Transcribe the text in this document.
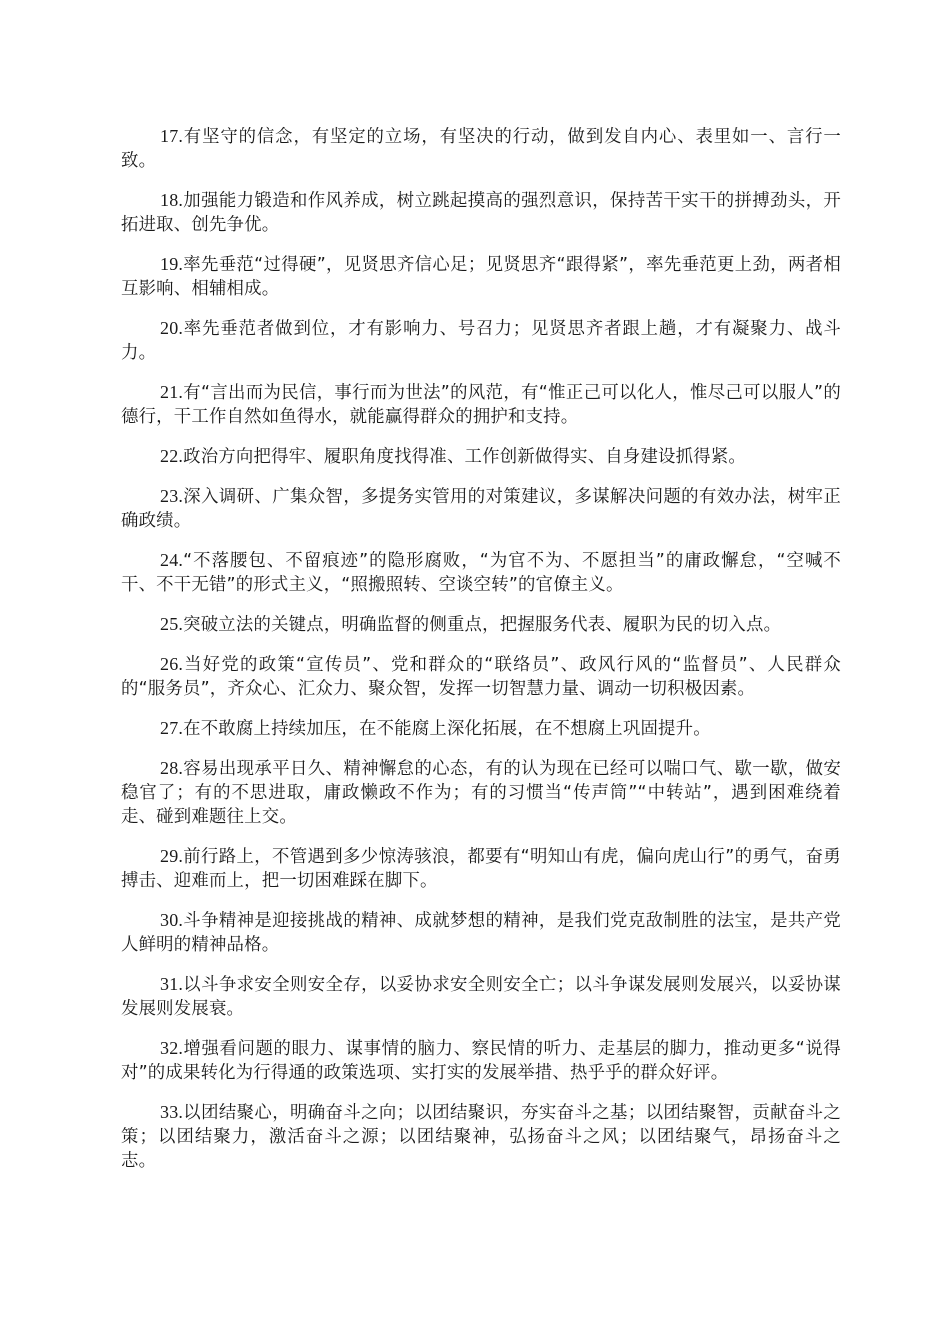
17.有坚守的信念，有坚定的立场，有坚决的行动，做到发自内心、表里如一、言行一致。

18.加强能力锻造和作风养成，树立跳起摸高的强烈意识，保持苦干实干的拼搏劲头，开拓进取、创先争优。

19.率先垂范“过得硬”，见贤思齐信心足；见贤思齐“跟得紧”，率先垂范更上劲，两者相互影响、相辅相成。

20.率先垂范者做到位，才有影响力、号召力；见贤思齐者跟上趟，才有凝聚力、战斗力。

21.有“言出而为民信，事行而为世法”的风范，有“惟正己可以化人，惟尽己可以服人”的德行，干工作自然如鱼得水，就能赢得群众的拥护和支持。

22.政治方向把得牢、履职角度找得准、工作创新做得实、自身建设抓得紧。

23.深入调研、广集众智，多提务实管用的对策建议，多谋解决问题的有效办法，树牢正确政绩。

24.“不落腰包、不留痕迹”的隐形腐败，“为官不为、不愿担当”的庸政懈怠，“空喊不干、不干无错”的形式主义，“照搬照转、空谈空转”的官僚主义。

25.突破立法的关键点，明确监督的侧重点，把握服务代表、履职为民的切入点。

26.当好党的政策“宣传员”、党和群众的“联络员”、政风行风的“监督员”、人民群众的“服务员”，齐众心、汇众力、聚众智，发挥一切智慧力量、调动一切积极因素。

27.在不敢腐上持续加压，在不能腐上深化拓展，在不想腐上巩固提升。

28.容易出现承平日久、精神懈怠的心态，有的认为现在已经可以喘口气、歇一歇，做安稳官了；有的不思进取，庸政懒政不作为；有的习惯当“传声筒”“中转站”，遇到困难绕着走、碰到难题往上交。

29.前行路上，不管遇到多少惊涛骇浪，都要有“明知山有虎，偏向虎山行”的勇气，奋勇搏击、迎难而上，把一切困难踩在脚下。

30.斗争精神是迎接挑战的精神、成就梦想的精神，是我们党克敌制胜的法宝，是共产党人鲜明的精神品格。

31.以斗争求安全则安全存，以妥协求安全则安全亡；以斗争谋发展则发展兴，以妥协谋发展则发展衰。

32.增强看问题的眼力、谋事情的脑力、察民情的听力、走基层的脚力，推动更多“说得对”的成果转化为行得通的政策选项、实打实的发展举措、热乎乎的群众好评。

33.以团结聚心，明确奋斗之向；以团结聚识，夯实奋斗之基；以团结聚智，贡献奋斗之策；以团结聚力，激活奋斗之源；以团结聚神，弘扬奋斗之风；以团结聚气，昂扬奋斗之志。
